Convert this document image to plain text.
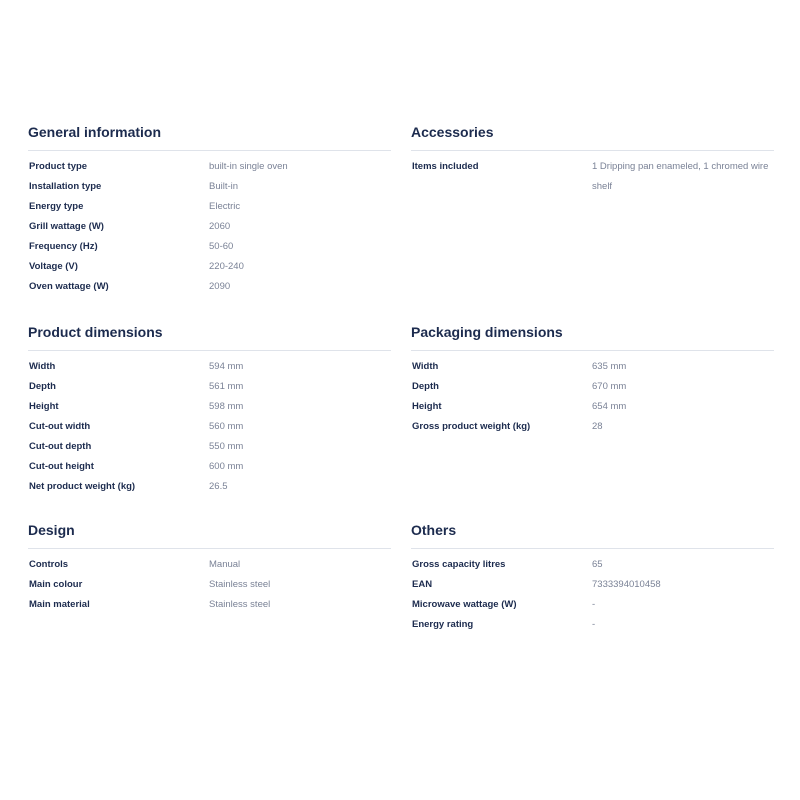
General information
Product type	built-in single oven
Installation type	Built-in
Energy type	Electric
Grill wattage (W)	2060
Frequency (Hz)	50-60
Voltage (V)	220-240
Oven wattage (W)	2090
Accessories
Items included	1 Dripping pan enameled, 1 chromed wire shelf
Product dimensions
Width	594 mm
Depth	561 mm
Height	598 mm
Cut-out width	560 mm
Cut-out depth	550 mm
Cut-out height	600 mm
Net product weight (kg)	26.5
Packaging dimensions
Width	635 mm
Depth	670 mm
Height	654 mm
Gross product weight (kg)	28
Design
Controls	Manual
Main colour	Stainless steel
Main material	Stainless steel
Others
Gross capacity litres	65
EAN	7333394010458
Microwave wattage (W)	-
Energy rating	-
